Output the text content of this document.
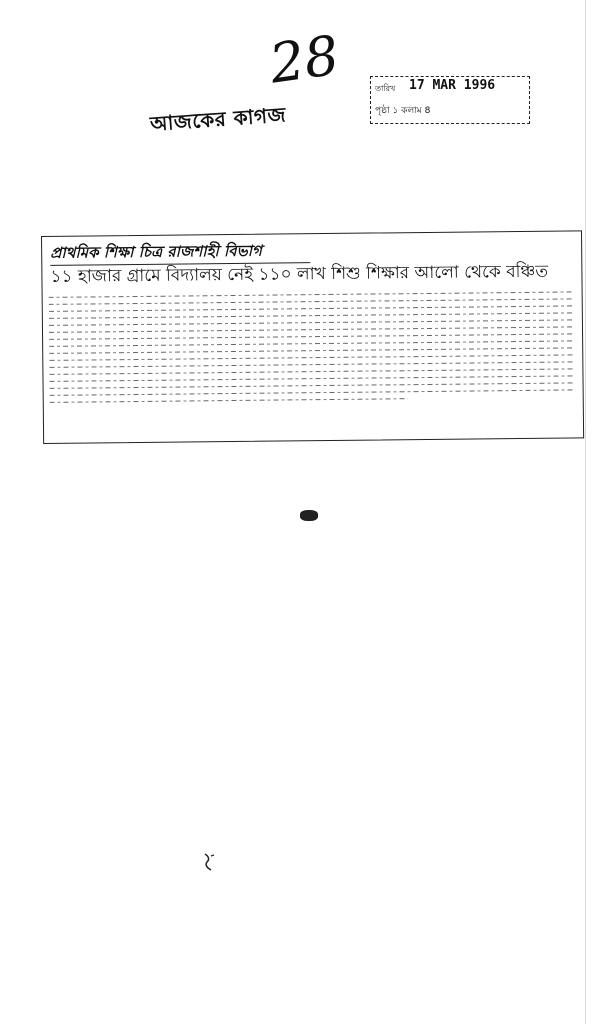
28
আজকের কাগজ
তারিখ	17 MAR 1996
পৃষ্ঠা ১ কলাম 8
প্রাথমিক শিক্ষা চিত্র রাজশাহী বিভাগ
১১ হাজার গ্রামে বিদ্যালয় নেই ১১০ লাখ শিশু শিক্ষার আলো থেকে বঞ্চিত
